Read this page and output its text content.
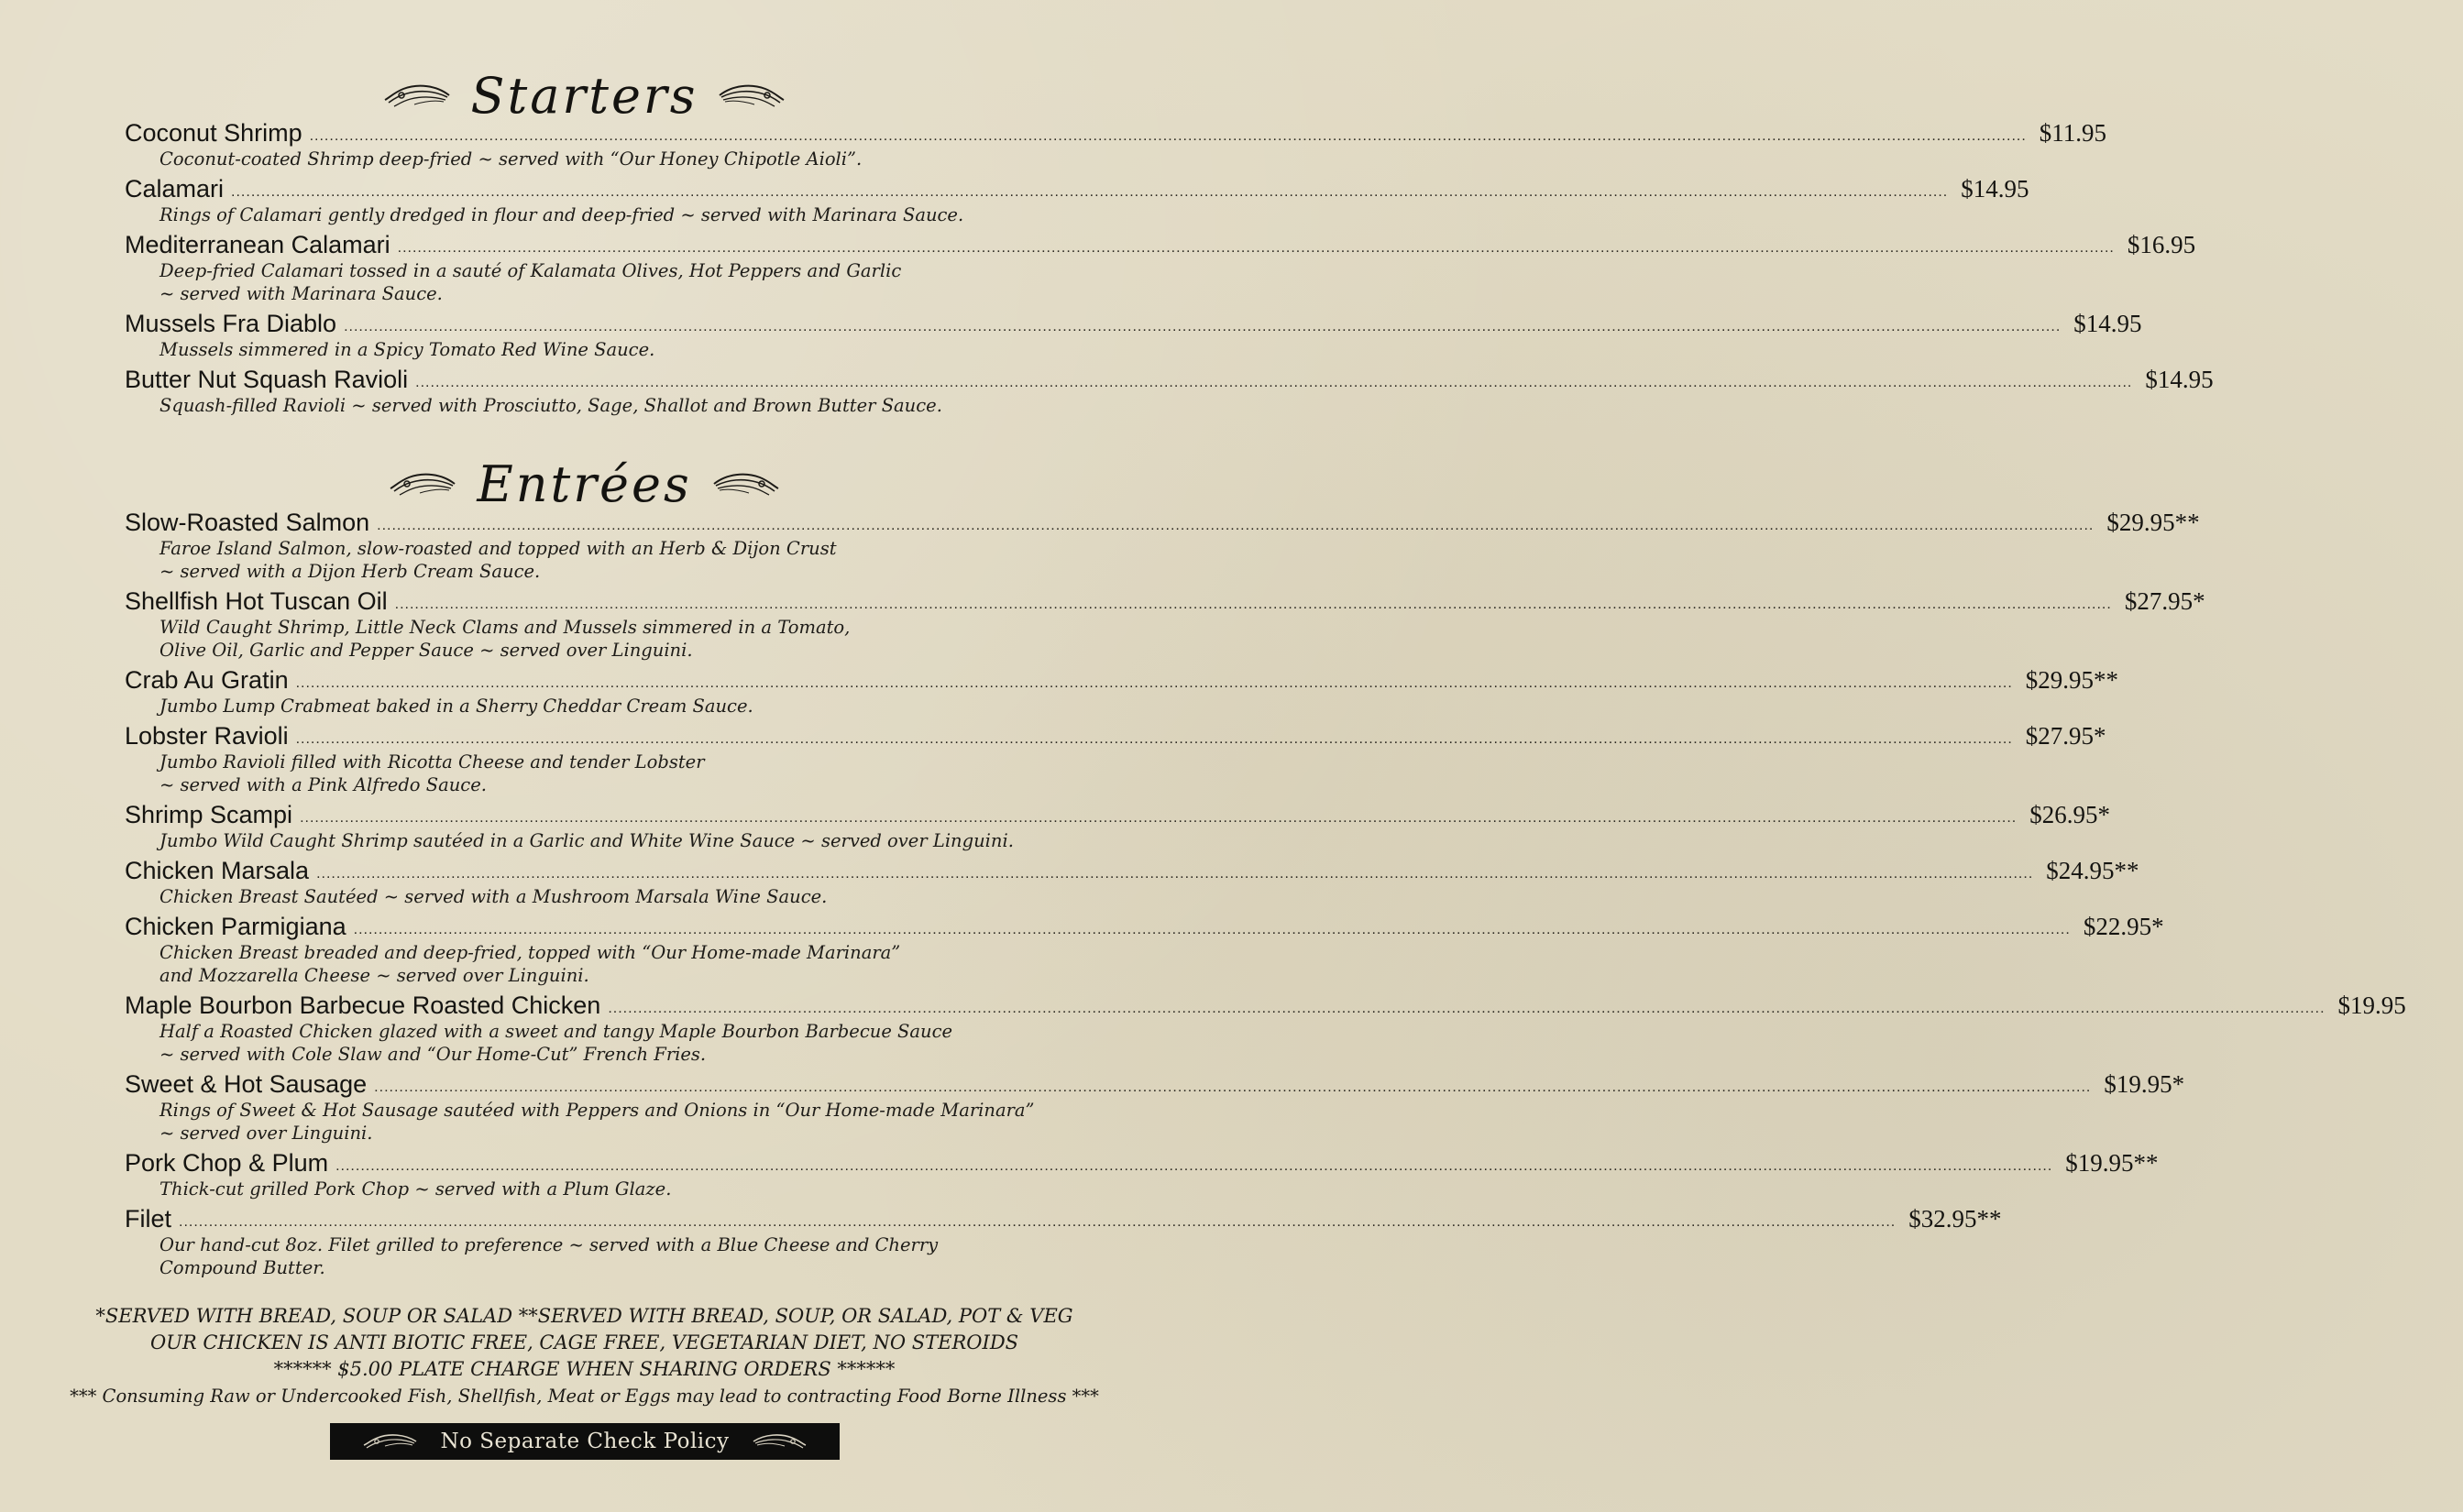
Starters
Coconut Shrimp ........................................................................................................................................................................................................................................................................................................................................................ $11.95
Coconut-coated Shrimp deep-fried ~ served with “Our Honey Chipotle Aioli”.
Calamari ........................................................................................................................................................................................................................................................................................................................................................ $14.95
Rings of Calamari gently dredged in flour and deep-fried ~ served with Marinara Sauce.
Mediterranean Calamari ........................................................................................................................................................................................................................................................................................................................................................ $16.95
Deep-fried Calamari tossed in a sauté of Kalamata Olives, Hot Peppers and Garlic
~ served with Marinara Sauce.
Mussels Fra Diablo ........................................................................................................................................................................................................................................................................................................................................................ $14.95
Mussels simmered in a Spicy Tomato Red Wine Sauce.
Butter Nut Squash Ravioli ........................................................................................................................................................................................................................................................................................................................................................ $14.95
Squash-filled Ravioli ~ served with Prosciutto, Sage, Shallot and Brown Butter Sauce.
Entrées
Slow-Roasted Salmon ........................................................................................................................................................................................................................................................................................................................................................ $29.95**
Faroe Island Salmon, slow-roasted and topped with an Herb & Dijon Crust
~ served with a Dijon Herb Cream Sauce.
Shellfish Hot Tuscan Oil ........................................................................................................................................................................................................................................................................................................................................................ $27.95*
Wild Caught Shrimp, Little Neck Clams and Mussels simmered in a Tomato,
Olive Oil, Garlic and Pepper Sauce ~ served over Linguini.
Crab Au Gratin ........................................................................................................................................................................................................................................................................................................................................................ $29.95**
Jumbo Lump Crabmeat baked in a Sherry Cheddar Cream Sauce.
Lobster Ravioli ........................................................................................................................................................................................................................................................................................................................................................ $27.95*
Jumbo Ravioli filled with Ricotta Cheese and tender Lobster
~ served with a Pink Alfredo Sauce.
Shrimp Scampi ........................................................................................................................................................................................................................................................................................................................................................ $26.95*
Jumbo Wild Caught Shrimp sautéed in a Garlic and White Wine Sauce ~ served over Linguini.
Chicken Marsala ........................................................................................................................................................................................................................................................................................................................................................ $24.95**
Chicken Breast Sautéed ~ served with a Mushroom Marsala Wine Sauce.
Chicken Parmigiana ........................................................................................................................................................................................................................................................................................................................................................ $22.95*
Chicken Breast breaded and deep-fried, topped with “Our Home-made Marinara”
and Mozzarella Cheese ~ served over Linguini.
Maple Bourbon Barbecue Roasted Chicken ........................................................................................................................................................................................................................................................................................................................................................ $19.95
Half a Roasted Chicken glazed with a sweet and tangy Maple Bourbon Barbecue Sauce
~ served with Cole Slaw and “Our Home-Cut” French Fries.
Sweet & Hot Sausage ........................................................................................................................................................................................................................................................................................................................................................ $19.95*
Rings of Sweet & Hot Sausage sautéed with Peppers and Onions in “Our Home-made Marinara”
~ served over Linguini.
Pork Chop & Plum ........................................................................................................................................................................................................................................................................................................................................................ $19.95**
Thick-cut grilled Pork Chop ~ served with a Plum Glaze.
Filet ........................................................................................................................................................................................................................................................................................................................................................ $32.95**
Our hand-cut 8oz. Filet grilled to preference ~ served with a Blue Cheese and Cherry
Compound Butter.
*SERVED WITH BREAD, SOUP OR SALAD **SERVED WITH BREAD, SOUP, OR SALAD, POT & VEG
OUR CHICKEN IS ANTI BIOTIC FREE, CAGE FREE, VEGETARIAN DIET, NO STEROIDS
****** $5.00 PLATE CHARGE WHEN SHARING ORDERS ******
*** Consuming Raw or Undercooked Fish, Shellfish, Meat or Eggs may lead to contracting Food Borne Illness ***
No Separate Check Policy
